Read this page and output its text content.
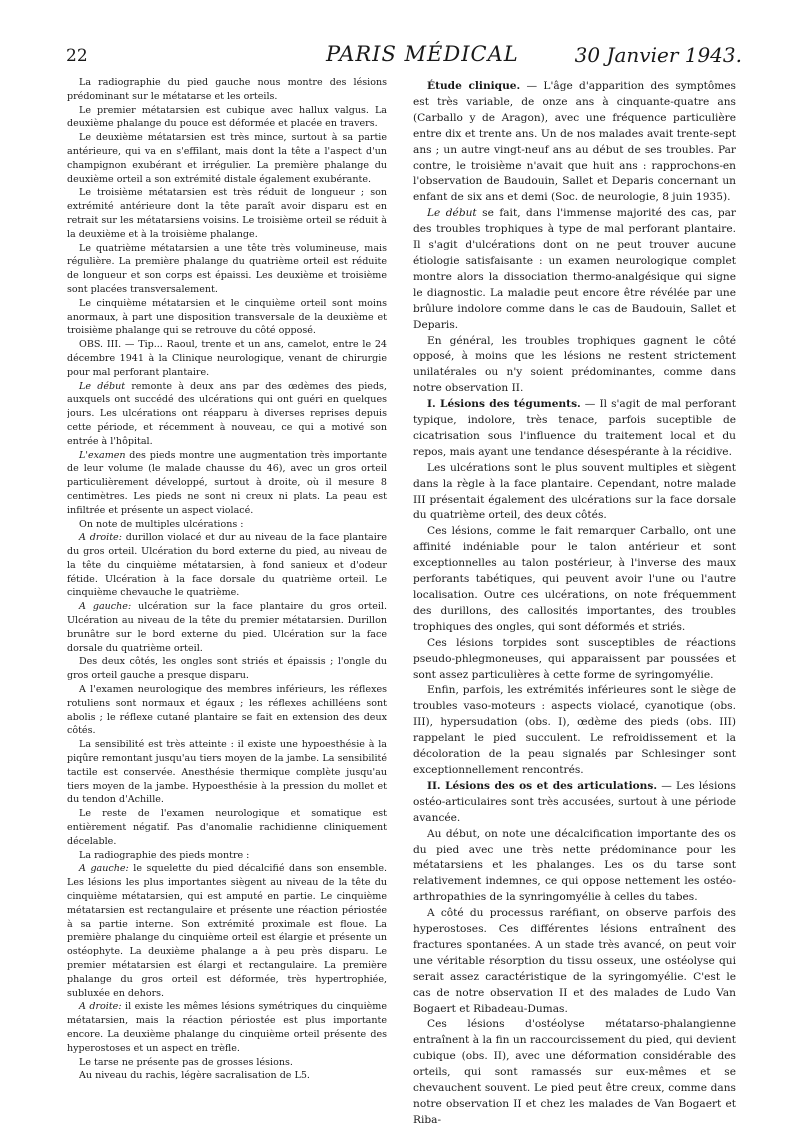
22	PARIS MÉDICAL	30 Janvier 1943.

La radiographie du pied gauche nous montre des lésions prédominant sur le métatarse et les orteils.

Le premier métatarsien est cubique avec hallux valgus. La deuxième phalange du pouce est déformée et placée en travers.

Le deuxième métatarsien est très mince, surtout à sa partie antérieure, qui va en s'effilant, mais dont la tête a l'aspect d'un champignon exubérant et irrégulier. La première phalange du deuxième orteil a son extrémité distale également exubérante.

Le troisième métatarsien est très réduit de longueur ; son extrémité antérieure dont la tête paraît avoir disparu est en retrait sur les métatarsiens voisins. Le troisième orteil se réduit à la deuxième et à la troisième phalange.

Le quatrième métatarsien a une tête très volumineuse, mais régulière. La première phalange du quatrième orteil est réduite de longueur et son corps est épaissi. Les deuxième et troisième sont placées transversalement.

Le cinquième métatarsien et le cinquième orteil sont moins anormaux, à part une disposition transversale de la deuxième et troisième phalange qui se retrouve du côté opposé.

OBS. III. — Tip... Raoul, trente et un ans, camelot, entre le 24 décembre 1941 à la Clinique neurologique, venant de chirurgie pour mal perforant plantaire.

Le début remonte à deux ans par des œdèmes des pieds, auxquels ont succédé des ulcérations qui ont guéri en quelques jours. Les ulcérations ont réapparu à diverses reprises depuis cette période, et récemment à nouveau, ce qui a motivé son entrée à l'hôpital.

L'examen des pieds montre une augmentation très importante de leur volume (le malade chausse du 46), avec un gros orteil particulièrement développé, surtout à droite, où il mesure 8 centimètres. Les pieds ne sont ni creux ni plats. La peau est infiltrée et présente un aspect violacé.

On note de multiples ulcérations :

A droite: durillon violacé et dur au niveau de la face plantaire du gros orteil. Ulcération du bord externe du pied, au niveau de la tête du cinquième métatarsien, à fond sanieux et d'odeur fétide. Ulcération à la face dorsale du quatrième orteil. Le cinquième chevauche le quatrième.

A gauche: ulcération sur la face plantaire du gros orteil. Ulcération au niveau de la tête du premier métatarsien. Durillon brunâtre sur le bord externe du pied. Ulcération sur la face dorsale du quatrième orteil.

Des deux côtés, les ongles sont striés et épaissis ; l'ongle du gros orteil gauche a presque disparu.

A l'examen neurologique des membres inférieurs, les réflexes rotuliens sont normaux et égaux ; les réflexes achilléens sont abolis ; le réflexe cutané plantaire se fait en extension des deux côtés.

La sensibilité est très atteinte : il existe une hypoesthésie à la piqûre remontant jusqu'au tiers moyen de la jambe. La sensibilité tactile est conservée. Anesthésie thermique complète jusqu'au tiers moyen de la jambe. Hypoesthésie à la pression du mollet et du tendon d'Achille.

Le reste de l'examen neurologique et somatique est entièrement négatif. Pas d'anomalie rachidienne cliniquement décelable.

La radiographie des pieds montre :

A gauche: le squelette du pied décalcifié dans son ensemble. Les lésions les plus importantes siègent au niveau de la tête du cinquième métatarsien, qui est amputé en partie. Le cinquième métatarsien est rectangulaire et présente une réaction périostée à sa partie interne. Son extrémité proximale est floue. La première phalange du cinquième orteil est élargie et présente un ostéophyte. La deuxième phalange a à peu près disparu. Le premier métatarsien est élargi et rectangulaire. La première phalange du gros orteil est déformée, très hypertrophiée, subluxée en dehors.

A droite: il existe les mêmes lésions symétriques du cinquième métatarsien, mais la réaction périostée est plus importante encore. La deuxième phalange du cinquième orteil présente des hyperostoses et un aspect en trèfle.

Le tarse ne présente pas de grosses lésions.

Au niveau du rachis, légère sacralisation de L5.

Étude clinique. — L'âge d'apparition des symptômes est très variable, de onze ans à cinquante-quatre ans (Carballo y de Aragon), avec une fréquence particulière entre dix et trente ans. Un de nos malades avait trente-sept ans ; un autre vingt-neuf ans au début de ses troubles. Par contre, le troisième n'avait que huit ans : rapprochons-en l'observation de Baudouin, Sallet et Deparis concernant un enfant de six ans et demi (Soc. de neurologie, 8 juin 1935).

Le début se fait, dans l'immense majorité des cas, par des troubles trophiques à type de mal perforant plantaire. Il s'agit d'ulcérations dont on ne peut trouver aucune étiologie satisfaisante : un examen neurologique complet montre alors la dissociation thermo-analgésique qui signe le diagnostic. La maladie peut encore être révélée par une brûlure indolore comme dans le cas de Baudouin, Sallet et Deparis.

En général, les troubles trophiques gagnent le côté opposé, à moins que les lésions ne restent strictement unilatérales ou n'y soient prédominantes, comme dans notre observation II.

I. Lésions des téguments. — Il s'agit de mal perforant typique, indolore, très tenace, parfois suceptible de cicatrisation sous l'influence du traitement local et du repos, mais ayant une tendance désespérante à la récidive.

Les ulcérations sont le plus souvent multiples et siègent dans la règle à la face plantaire. Cependant, notre malade III présentait également des ulcérations sur la face dorsale du quatrième orteil, des deux côtés.

Ces lésions, comme le fait remarquer Carballo, ont une affinité indéniable pour le talon antérieur et sont exceptionnelles au talon postérieur, à l'inverse des maux perforants tabétiques, qui peuvent avoir l'une ou l'autre localisation. Outre ces ulcérations, on note fréquemment des durillons, des callosités importantes, des troubles trophiques des ongles, qui sont déformés et striés.

Ces lésions torpides sont susceptibles de réactions pseudo-phlegmoneuses, qui apparaissent par poussées et sont assez particulières à cette forme de syringomyélie.

Enfin, parfois, les extrémités inférieures sont le siège de troubles vaso-moteurs : aspects violacé, cyanotique (obs. III), hypersudation (obs. I), œdème des pieds (obs. III) rappelant le pied succulent. Le refroidissement et la décoloration de la peau signalés par Schlesinger sont exceptionnellement rencontrés.

II. Lésions des os et des articulations. — Les lésions ostéo-articulaires sont très accusées, surtout à une période avancée.

Au début, on note une décalcification importante des os du pied avec une très nette prédominance pour les métatarsiens et les phalanges. Les os du tarse sont relativement indemnes, ce qui oppose nettement les ostéo-arthropathies de la synringomyélie à celles du tabes.

A côté du processus raréfiant, on observe parfois des hyperostoses. Ces différentes lésions entraînent des fractures spontanées. A un stade très avancé, on peut voir une véritable résorption du tissu osseux, une ostéolyse qui serait assez caractéristique de la syringomyélie. C'est le cas de notre observation II et des malades de Ludo Van Bogaert et Ribadeau-Dumas.

Ces lésions d'ostéolyse métatarso-phalangienne entraînent à la fin un raccourcissement du pied, qui devient cubique (obs. II), avec une déformation considérable des orteils, qui sont ramassés sur eux-mêmes et se chevauchent souvent. Le pied peut être creux, comme dans notre observation II et chez les malades de Van Bogaert et Riba-
